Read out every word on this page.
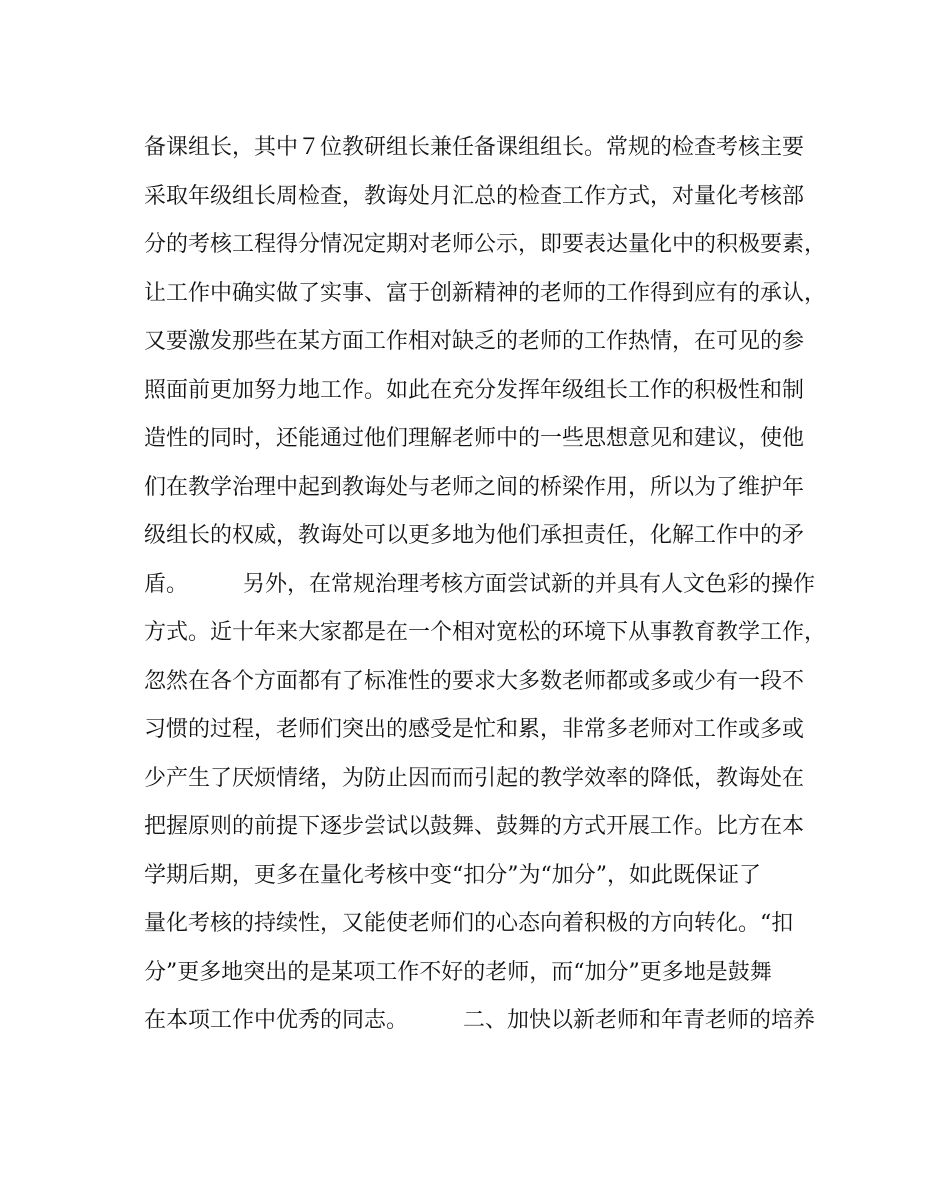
备课组长，其中７位教研组长兼任备课组组长。常规的检查考核主要
采取年级组长周检查，教诲处月汇总的检查工作方式，对量化考核部
分的考核工程得分情况定期对老师公示，即要表达量化中的积极要素，
让工作中确实做了实事、富于创新精神的老师的工作得到应有的承认，
又要激发那些在某方面工作相对缺乏的老师的工作热情，在可见的参
照面前更加努力地工作。如此在充分发挥年级组长工作的积极性和制
造性的同时，还能通过他们理解老师中的一些思想意见和建议，使他
们在教学治理中起到教诲处与老师之间的桥梁作用，所以为了维护年
级组长的权威，教诲处可以更多地为他们承担责任，化解工作中的矛
盾。　　　另外，在常规治理考核方面尝试新的并具有人文色彩的操作
方式。近十年来大家都是在一个相对宽松的环境下从事教育教学工作，
忽然在各个方面都有了标准性的要求大多数老师都或多或少有一段不
习惯的过程，老师们突出的感受是忙和累，非常多老师对工作或多或
少产生了厌烦情绪，为防止因而而引起的教学效率的降低，教诲处在
把握原则的前提下逐步尝试以鼓舞、鼓舞的方式开展工作。比方在本
学期后期，更多在量化考核中变“扣分”为“加分”，如此既保证了
量化考核的持续性，又能使老师们的心态向着积极的方向转化。“扣
分”更多地突出的是某项工作不好的老师，而“加分”更多地是鼓舞
在本项工作中优秀的同志。　　　二、加快以新老师和年青老师的培养
